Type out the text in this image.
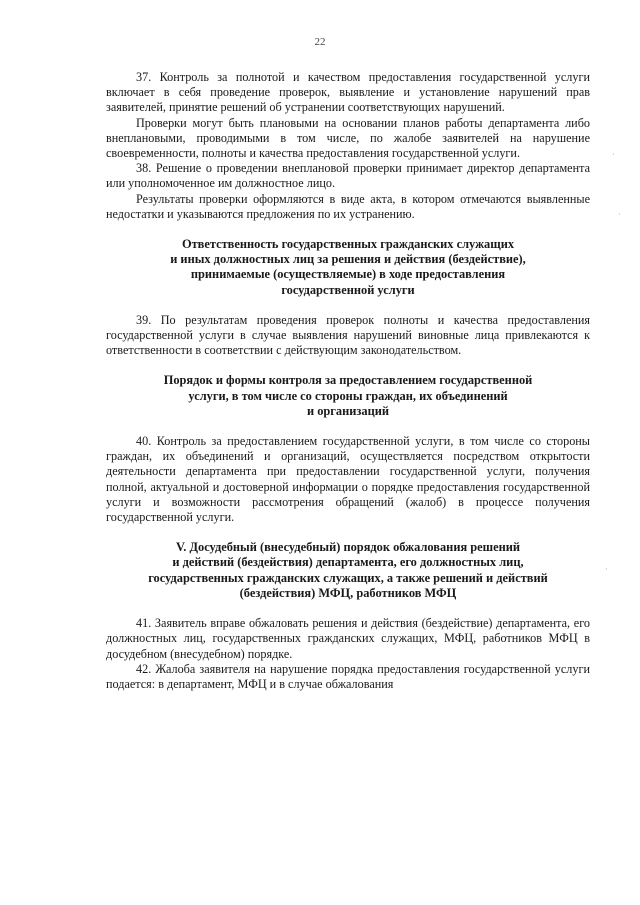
22

37. Контроль за полнотой и качеством предоставления государственной услуги включает в себя проведение проверок, выявление и установление нарушений прав заявителей, принятие решений об устранении соответствующих нарушений.

Проверки могут быть плановыми на основании планов работы департамента либо внеплановыми, проводимыми в том числе, по жалобе заявителей на нарушение своевременности, полноты и качества предоставления государственной услуги.

38. Решение о проведении внеплановой проверки принимает директор департамента или уполномоченное им должностное лицо.

Результаты проверки оформляются в виде акта, в котором отмечаются выявленные недостатки и указываются предложения по их устранению.

Ответственность государственных гражданских служащих
и иных должностных лиц за решения и действия (бездействие),
принимаемые (осуществляемые) в ходе предоставления
государственной услуги

39. По результатам проведения проверок полноты и качества предоставления государственной услуги в случае выявления нарушений виновные лица привлекаются к ответственности в соответствии с действующим законодательством.

Порядок и формы контроля за предоставлением государственной
услуги, в том числе со стороны граждан, их объединений
и организаций

40. Контроль за предоставлением государственной услуги, в том числе со стороны граждан, их объединений и организаций, осуществляется посредством открытости деятельности департамента при предоставлении государственной услуги, получения полной, актуальной и достоверной информации о порядке предоставления государственной услуги и возможности рассмотрения обращений (жалоб) в процессе получения государственной услуги.

V. Досудебный (внесудебный) порядок обжалования решений
и действий (бездействия) департамента, его должностных лиц,
государственных гражданских служащих, а также решений и действий
(бездействия) МФЦ, работников МФЦ

41. Заявитель вправе обжаловать решения и действия (бездействие) департамента, его должностных лиц, государственных гражданских служащих, МФЦ, работников МФЦ в досудебном (внесудебном) порядке.

42. Жалоба заявителя на нарушение порядка предоставления государственной услуги подается: в департамент, МФЦ и в случае обжалования

·
·
·
